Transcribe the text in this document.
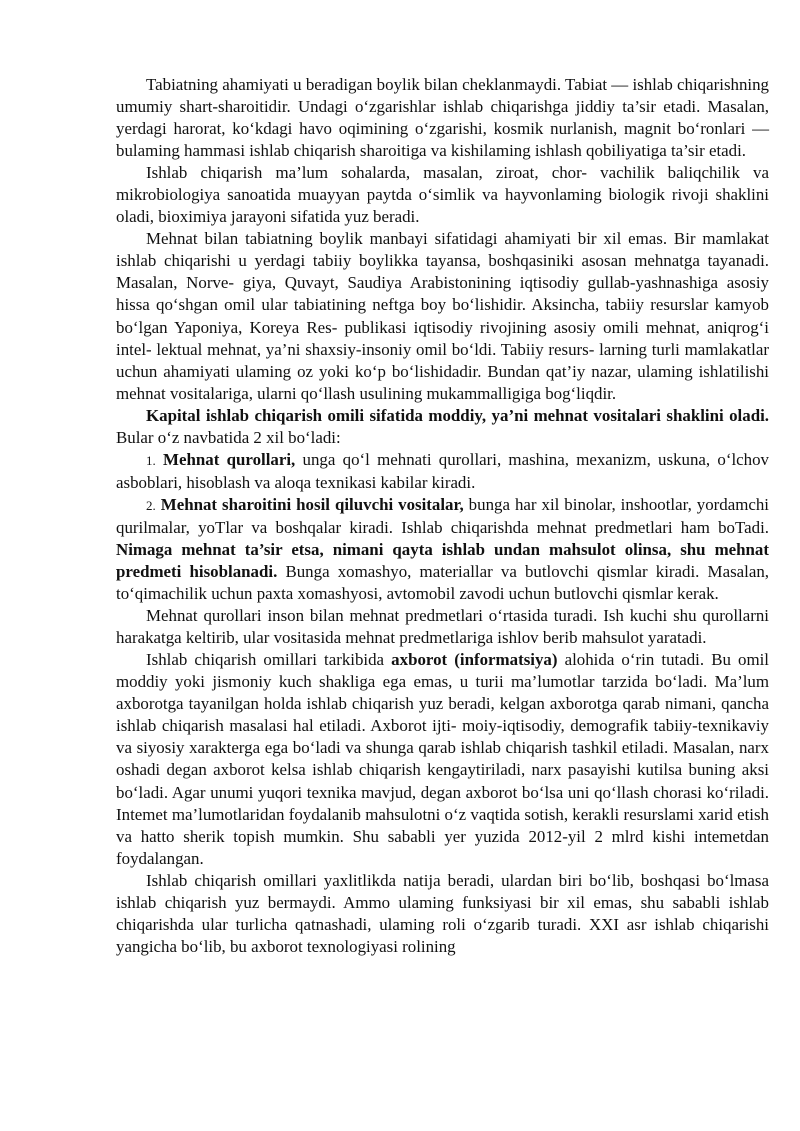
Tabiatning ahamiyati u beradigan boylik bilan cheklanmaydi. Tabiat — ishlab chiqarishning umumiy shart-sharoitidir. Undagi o‘zgarishlar ishlab chiqarishga jiddiy ta’sir etadi. Masalan, yerdagi harorat, ko‘kdagi havo oqimining o‘zgarishi, kosmik nurlanish, magnit bo‘ronlari — bulaming hammasi ishlab chiqarish sharoitiga va kishilaming ishlash qobiliyatiga ta’sir etadi.

Ishlab chiqarish ma’lum sohalarda, masalan, ziroat, chor- vachilik baliqchilik va mikrobiologiya sanoatida muayyan paytda o‘simlik va hayvonlaming biologik rivoji shaklini oladi, bioximiya jarayoni sifatida yuz beradi.

Mehnat bilan tabiatning boylik manbayi sifatidagi ahamiyati bir xil emas. Bir mamlakat ishlab chiqarishi u yerdagi tabiiy boylikka tayansa, boshqasiniki asosan mehnatga tayanadi. Masalan, Norve- giya, Quvayt, Saudiya Arabistonining iqtisodiy gullab-yashnashiga asosiy hissa qo‘shgan omil ular tabiatining neftga boy bo‘lishidir. Aksincha, tabiiy resurslar kamyob bo‘lgan Yaponiya, Koreya Res- publikasi iqtisodiy rivojining asosiy omili mehnat, aniqrog‘i intel- lektual mehnat, ya’ni shaxsiy-insoniy omil bo‘ldi. Tabiiy resurs- larning turli mamlakatlar uchun ahamiyati ulaming oz yoki ko‘p bo‘lishidadir. Bundan qat’iy nazar, ulaming ishlatilishi mehnat vositalariga, ularni qo‘llash usulining mukammalligiga bog‘liqdir.

Kapital ishlab chiqarish omili sifatida moddiy, ya’ni mehnat vositalari shaklini oladi. Bular o‘z navbatida 2 xil bo‘ladi:

1. Mehnat qurollari, unga qo‘l mehnati qurollari, mashina, mexanizm, uskuna, o‘lchov asboblari, hisoblash va aloqa texnikasi kabilar kiradi.

2. Mehnat sharoitini hosil qiluvchi vositalar, bunga har xil binolar, inshootlar, yordamchi qurilmalar, yoTlar va boshqalar kiradi. Ishlab chiqarishda mehnat predmetlari ham boTadi. Nimaga mehnat ta’sir etsa, nimani qayta ishlab undan mahsulot olinsa, shu mehnat predmeti hisoblanadi. Bunga xomashyo, materiallar va butlovchi qismlar kiradi. Masalan, to‘qimachilik uchun paxta xomashyosi, avtomobil zavodi uchun butlovchi qismlar kerak.

Mehnat qurollari inson bilan mehnat predmetlari o‘rtasida turadi. Ish kuchi shu qurollarni harakatga keltirib, ular vositasida mehnat predmetlariga ishlov berib mahsulot yaratadi.

Ishlab chiqarish omillari tarkibida axborot (informatsiya) alohida o‘rin tutadi. Bu omil moddiy yoki jismoniy kuch shakliga ega emas, u turii ma’lumotlar tarzida bo‘ladi. Ma’lum axborotga tayanilgan holda ishlab chiqarish yuz beradi, kelgan axborotga qarab nimani, qancha ishlab chiqarish masalasi hal etiladi. Axborot ijti- moiy-iqtisodiy, demografik tabiiy-texnikaviy va siyosiy xarakterga ega bo‘ladi va shunga qarab ishlab chiqarish tashkil etiladi. Masalan, narx oshadi degan axborot kelsa ishlab chiqarish kengaytiriladi, narx pasayishi kutilsa buning aksi bo‘ladi. Agar unumi yuqori texnika mavjud, degan axborot bo‘lsa uni qo‘llash chorasi ko‘riladi. Intemet ma’lumotlaridan foydalanib mahsulotni o‘z vaqtida sotish, kerakli resurslami xarid etish va hatto sherik topish mumkin. Shu sababli yer yuzida 2012-yil 2 mlrd kishi intemetdan foydalangan.

Ishlab chiqarish omillari yaxlitlikda natija beradi, ulardan biri bo‘lib, boshqasi bo‘lmasa ishlab chiqarish yuz bermaydi. Ammo ulaming funksiyasi bir xil emas, shu sababli ishlab chiqarishda ular turlicha qatnashadi, ulaming roli o‘zgarib turadi. XXI asr ishlab chiqarishi yangicha bo‘lib, bu axborot texnologiyasi rolining
